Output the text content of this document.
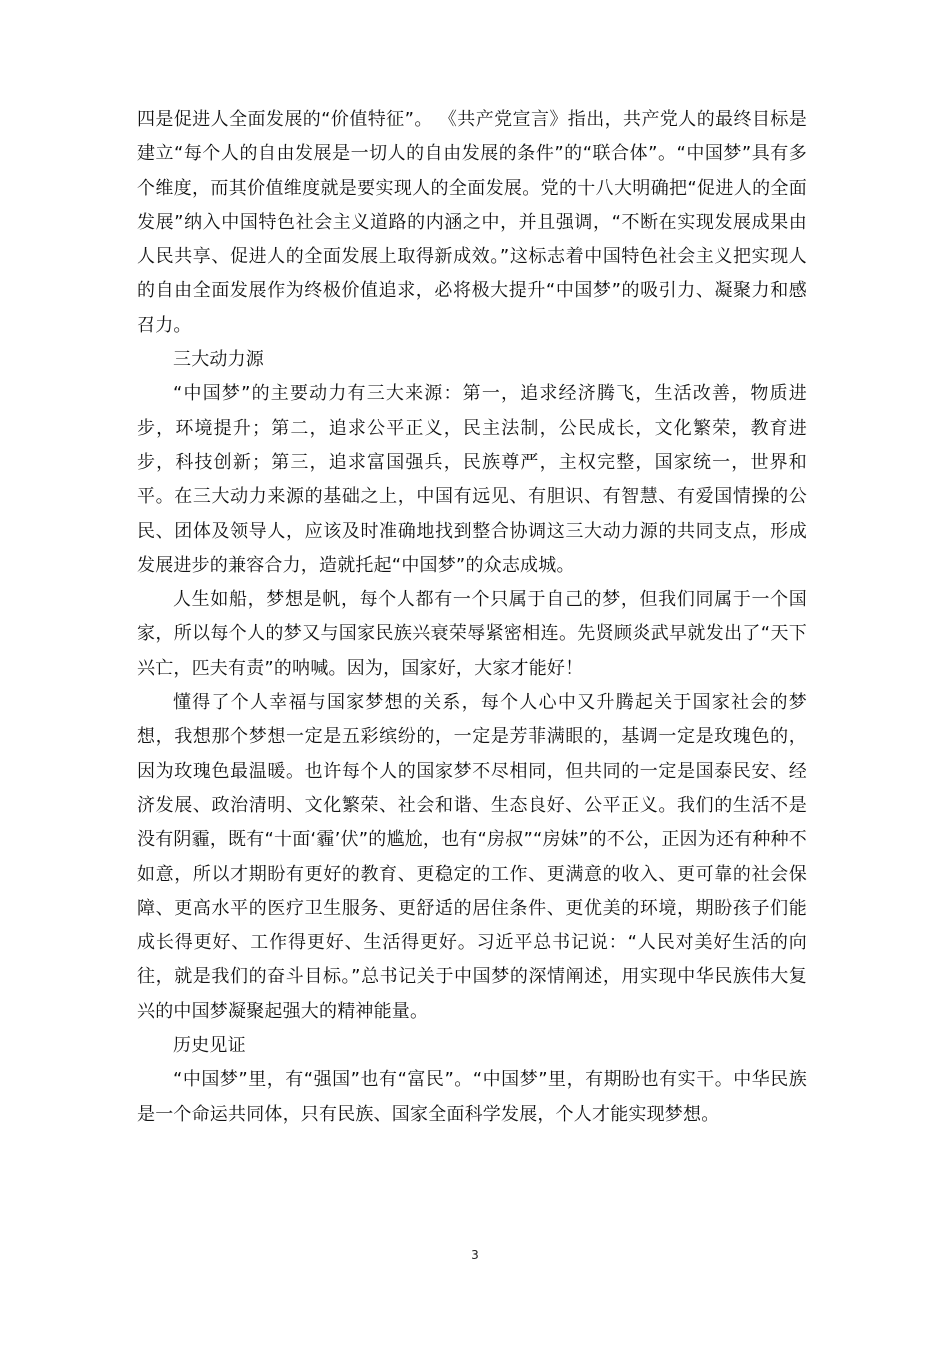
四是促进人全面发展的“价值特征”。 《共产党宣言》指出，共产党人的最终目标是建立“每个人的自由发展是一切人的自由发展的条件”的“联合体”。“中国梦”具有多个维度，而其价值维度就是要实现人的全面发展。党的十八大明确把“促进人的全面发展”纳入中国特色社会主义道路的内涵之中，并且强调，“不断在实现发展成果由人民共享、促进人的全面发展上取得新成效。”这标志着中国特色社会主义把实现人的自由全面发展作为终极价值追求，必将极大提升“中国梦”的吸引力、凝聚力和感召力。

三大动力源

“中国梦”的主要动力有三大来源：第一，追求经济腾飞，生活改善，物质进步，环境提升；第二，追求公平正义，民主法制，公民成长，文化繁荣，教育进步，科技创新；第三，追求富国强兵，民族尊严，主权完整，国家统一，世界和平。在三大动力来源的基础之上，中国有远见、有胆识、有智慧、有爱国情操的公民、团体及领导人，应该及时准确地找到整合协调这三大动力源的共同支点，形成发展进步的兼容合力，造就托起“中国梦”的众志成城。

人生如船，梦想是帆，每个人都有一个只属于自己的梦，但我们同属于一个国家，所以每个人的梦又与国家民族兴衰荣辱紧密相连。先贤顾炎武早就发出了“天下兴亡，匹夫有责”的呐喊。因为，国家好，大家才能好！

懂得了个人幸福与国家梦想的关系，每个人心中又升腾起关于国家社会的梦想，我想那个梦想一定是五彩缤纷的，一定是芳菲满眼的，基调一定是玫瑰色的，因为玫瑰色最温暖。也许每个人的国家梦不尽相同，但共同的一定是国泰民安、经济发展、政治清明、文化繁荣、社会和谐、生态良好、公平正义。我们的生活不是没有阴霾，既有“十面‘霾’伏”的尴尬，也有“房叔”“房妹”的不公，正因为还有种种不如意，所以才期盼有更好的教育、更稳定的工作、更满意的收入、更可靠的社会保障、更高水平的医疗卫生服务、更舒适的居住条件、更优美的环境，期盼孩子们能成长得更好、工作得更好、生活得更好。习近平总书记说：“人民对美好生活的向往，就是我们的奋斗目标。”总书记关于中国梦的深情阐述，用实现中华民族伟大复兴的中国梦凝聚起强大的精神能量。

历史见证

“中国梦”里，有“强国”也有“富民”。“中国梦”里，有期盼也有实干。中华民族是一个命运共同体，只有民族、国家全面科学发展，个人才能实现梦想。

3
